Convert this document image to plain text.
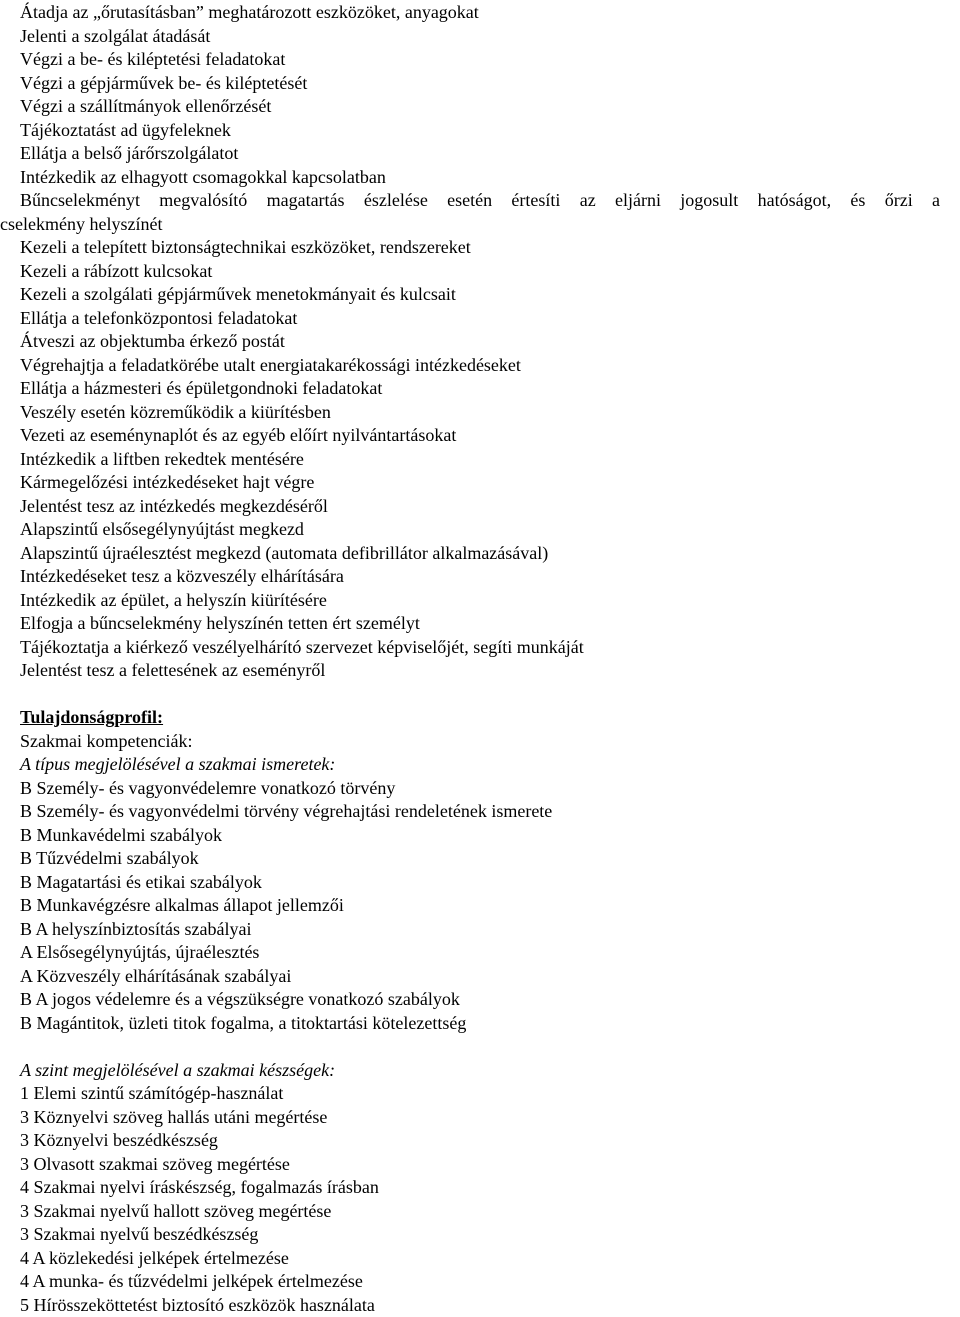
Átadja az „őrutasításban” meghatározott eszközöket, anyagokat
Jelenti a szolgálat átadását
Végzi a be- és kiléptetési feladatokat
Végzi a gépjárművek be- és kiléptetését
Végzi a szállítmányok ellenőrzését
Tájékoztatást ad ügyfeleknek
Ellátja a belső járőrszolgálatot
Intézkedik az elhagyott csomagokkal kapcsolatban
Bűncselekményt megvalósító magatartás észlelése esetén értesíti az eljárni jogosult hatóságot, és őrzi a
cselekmény helyszínét
Kezeli a telepített biztonságtechnikai eszközöket, rendszereket
Kezeli a rábízott kulcsokat
Kezeli a szolgálati gépjárművek menetokmányait és kulcsait
Ellátja a telefonközpontosi feladatokat
Átveszi az objektumba érkező postát
Végrehajtja a feladatkörébe utalt energiatakarékossági intézkedéseket
Ellátja a házmesteri és épületgondnoki feladatokat
Veszély esetén közreműködik a kiürítésben
Vezeti az eseménynaplót és az egyéb előírt nyilvántartásokat
Intézkedik a liftben rekedtek mentésére
Kármegelőzési intézkedéseket hajt végre
Jelentést tesz az intézkedés megkezdéséről
Alapszintű elsősegélynyújtást megkezd
Alapszintű újraélesztést megkezd (automata defibrillátor alkalmazásával)
Intézkedéseket tesz a közveszély elhárítására
Intézkedik az épület, a helyszín kiürítésére
Elfogja a bűncselekmény helyszínén tetten ért személyt
Tájékoztatja a kiérkező veszélyelhárító szervezet képviselőjét, segíti munkáját
Jelentést tesz a felettesének az eseményről
Tulajdonságprofil:
Szakmai kompetenciák:
A típus megjelölésével a szakmai ismeretek:
B Személy- és vagyonvédelemre vonatkozó törvény
B Személy- és vagyonvédelmi törvény végrehajtási rendeletének ismerete
B Munkavédelmi szabályok
B Tűzvédelmi szabályok
B Magatartási és etikai szabályok
B Munkavégzésre alkalmas állapot jellemzői
B A helyszínbiztosítás szabályai
A Elsősegélynyújtás, újraélesztés
A Közveszély elhárításának szabályai
B A jogos védelemre és a végszükségre vonatkozó szabályok
B Magántitok, üzleti titok fogalma, a titoktartási kötelezettség
A szint megjelölésével a szakmai készségek:
1 Elemi szintű számítógép-használat
3 Köznyelvi szöveg hallás utáni megértése
3 Köznyelvi beszédkészség
3 Olvasott szakmai szöveg megértése
4 Szakmai nyelvi íráskészség, fogalmazás írásban
3 Szakmai nyelvű hallott szöveg megértése
3 Szakmai nyelvű beszédkészség
4 A közlekedési jelképek értelmezése
4 A munka- és tűzvédelmi jelképek értelmezése
5 Hírösszeköttetést biztosító eszközök használata
